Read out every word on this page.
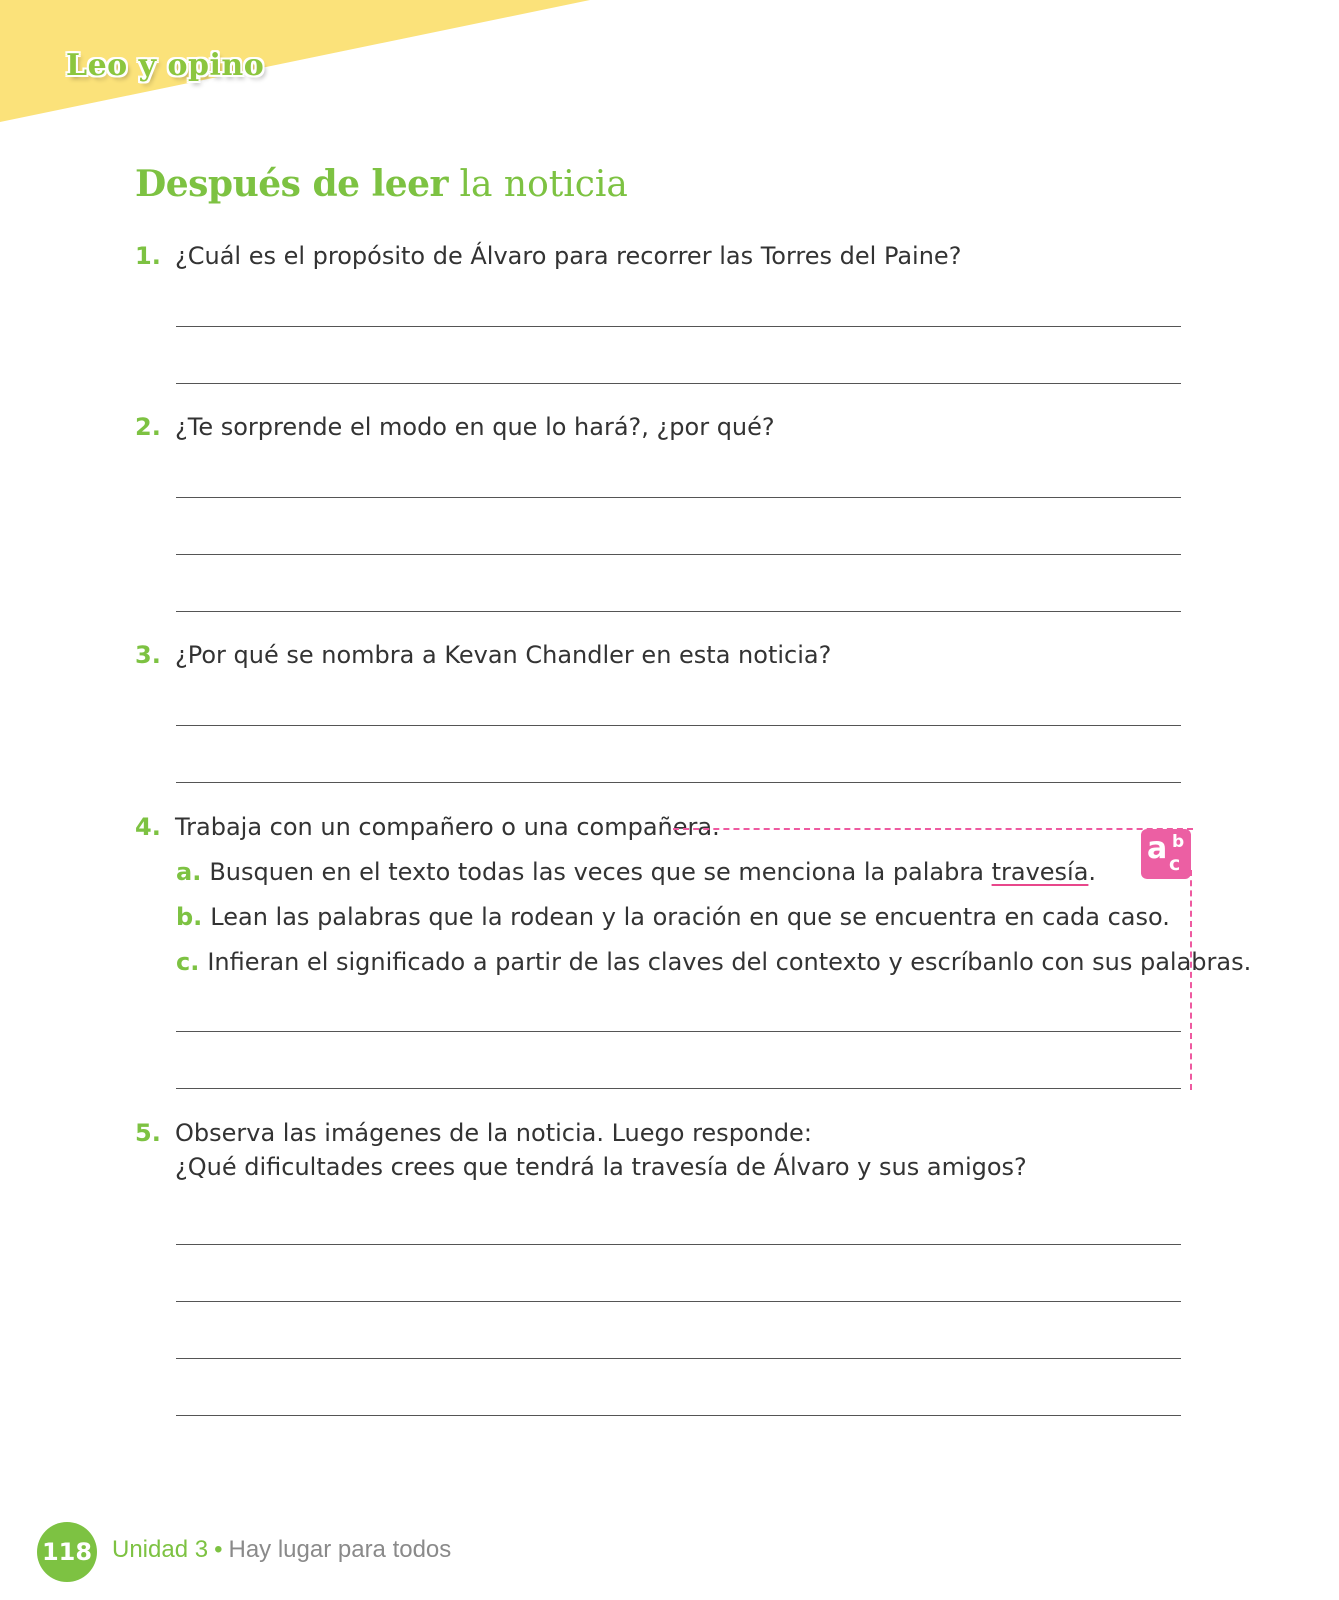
Leo y opino
Después de leer la noticia
1. ¿Cuál es el propósito de Álvaro para recorrer las Torres del Paine?
2. ¿Te sorprende el modo en que lo hará?, ¿por qué?
3. ¿Por qué se nombra a Kevan Chandler en esta noticia?
4. Trabaja con un compañero o una compañera.
a b
c
a. Busquen en el texto todas las veces que se menciona la palabra travesía.
b. Lean las palabras que la rodean y la oración en que se encuentra en cada caso.
c. Infieran el significado a partir de las claves del contexto y escríbanlo con sus palabras.
5. Observa las imágenes de la noticia. Luego responde:
¿Qué dificultades crees que tendrá la travesía de Álvaro y sus amigos?
118 Unidad 3 • Hay lugar para todos
